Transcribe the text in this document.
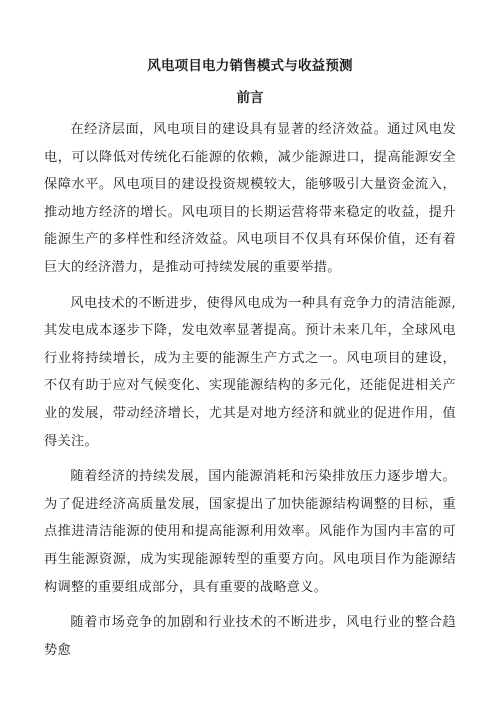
风电项目电力销售模式与收益预测
前言

在经济层面，风电项目的建设具有显著的经济效益。通过风电发电，可以降低对传统化石能源的依赖，减少能源进口，提高能源安全保障水平。风电项目的建设投资规模较大，能够吸引大量资金流入，推动地方经济的增长。风电项目的长期运营将带来稳定的收益，提升能源生产的多样性和经济效益。风电项目不仅具有环保价值，还有着巨大的经济潜力，是推动可持续发展的重要举措。

风电技术的不断进步，使得风电成为一种具有竞争力的清洁能源,其发电成本逐步下降，发电效率显著提高。预计未来几年，全球风电行业将持续增长，成为主要的能源生产方式之一。风电项目的建设，不仅有助于应对气候变化、实现能源结构的多元化，还能促进相关产业的发展，带动经济增长，尤其是对地方经济和就业的促进作用，值得关注。

随着经济的持续发展，国内能源消耗和污染排放压力逐步增大。为了促进经济高质量发展，国家提出了加快能源结构调整的目标，重点推进清洁能源的使用和提高能源利用效率。风能作为国内丰富的可再生能源资源，成为实现能源转型的重要方向。风电项目作为能源结构调整的重要组成部分，具有重要的战略意义。

随着市场竞争的加剧和行业技术的不断进步，风电行业的整合趋势愈
